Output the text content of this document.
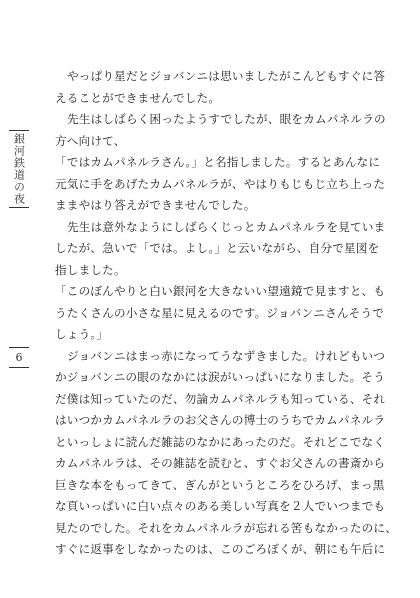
銀河鉄道の夜
6
やっぱり星だとジョバンニは思いましたがこんどもすぐに答
えることができませんでした。
先生はしばらく困ったようすでしたが、眼をカムパネルラの
方へ向けて、
「ではカムパネルラさん。」と名指しました。するとあんなに
元気に手をあげたカムパネルラが、やはりもじもじ立ち上った
ままやはり答えができませんでした。
先生は意外なようにしばらくじっとカムパネルラを見ていま
したが、急いで「では。よし。」と云いながら、自分で星図を
指しました。
「このぼんやりと白い銀河を大きないい望遠鏡で見ますと、も
うたくさんの小さな星に見えるのです。ジョバンニさんそうで
しょう。」
ジョバンニはまっ赤になってうなずきました。けれどもいつ
かジョバンニの眼のなかには涙がいっぱいになりました。そう
だ僕は知っていたのだ、勿論カムパネルラも知っている、それ
はいつかカムパネルラのお父さんの博士のうちでカムパネルラ
といっしょに読んだ雑誌のなかにあったのだ。それどこでなく
カムパネルラは、その雑誌を読むと、すぐお父さんの書斎から
巨きな本をもってきて、ぎんがというところをひろげ、まっ黒
な頁いっぱいに白い点々のある美しい写真を２人でいつまでも
見たのでした。それをカムパネルラが忘れる筈もなかったのに、
すぐに返事をしなかったのは、このごろぼくが、朝にも午后に
